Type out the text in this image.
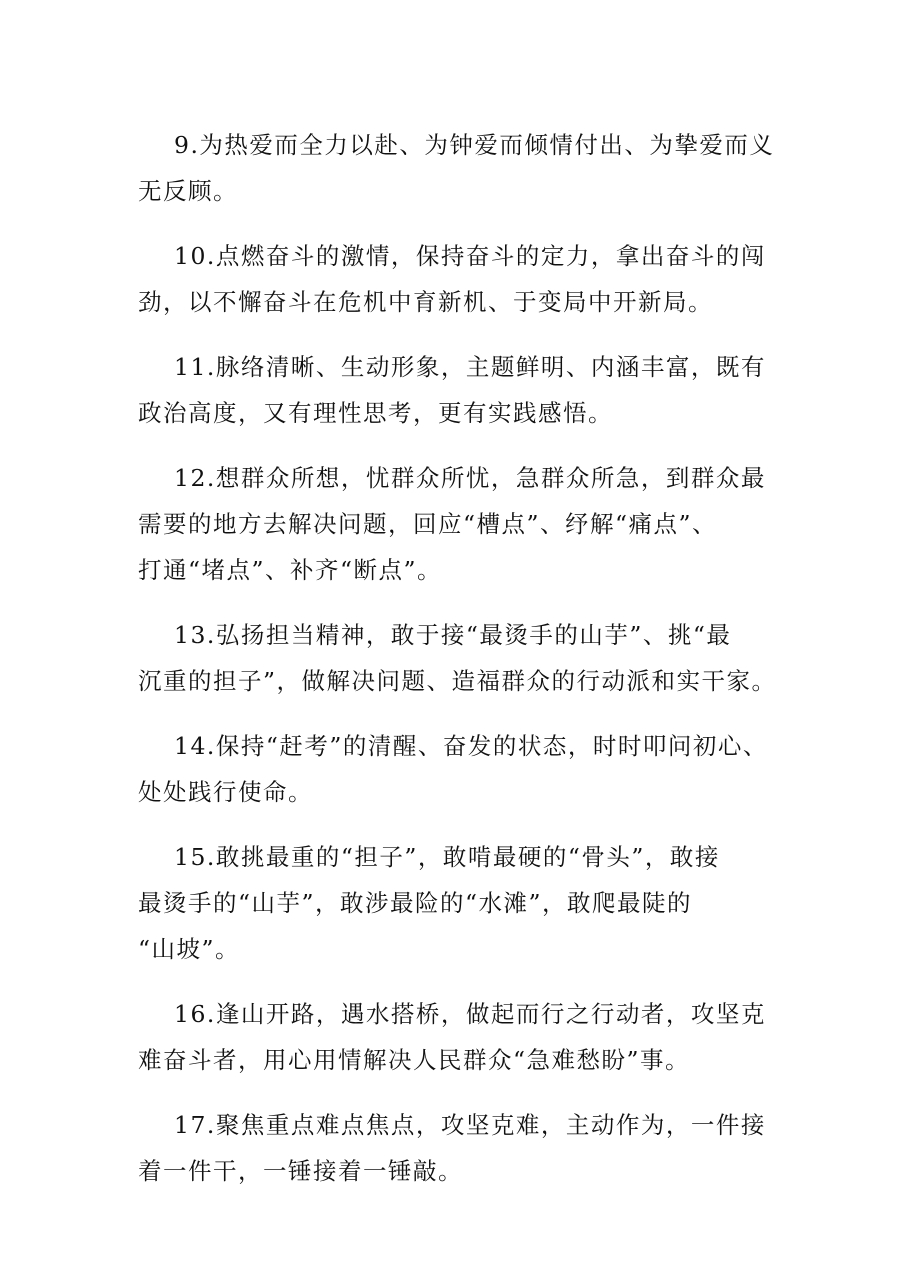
9.为热爱而全力以赴、为钟爱而倾情付出、为挚爱而义
无反顾。
10.点燃奋斗的激情，保持奋斗的定力，拿出奋斗的闯
劲，以不懈奋斗在危机中育新机、于变局中开新局。
11.脉络清晰、生动形象，主题鲜明、内涵丰富，既有
政治高度，又有理性思考，更有实践感悟。
12.想群众所想，忧群众所忧，急群众所急，到群众最
需要的地方去解决问题，回应“槽点”、纾解“痛点”、
打通“堵点”、补齐“断点”。
13.弘扬担当精神，敢于接“最烫手的山芋”、挑“最
沉重的担子”，做解决问题、造福群众的行动派和实干家。
14.保持“赶考”的清醒、奋发的状态，时时叩问初心、
处处践行使命。
15.敢挑最重的“担子”，敢啃最硬的“骨头”，敢接
最烫手的“山芋”，敢涉最险的“水滩”，敢爬最陡的
“山坡”。
16.逢山开路，遇水搭桥，做起而行之行动者，攻坚克
难奋斗者，用心用情解决人民群众“急难愁盼”事。
17.聚焦重点难点焦点，攻坚克难，主动作为，一件接
着一件干，一锤接着一锤敲。
